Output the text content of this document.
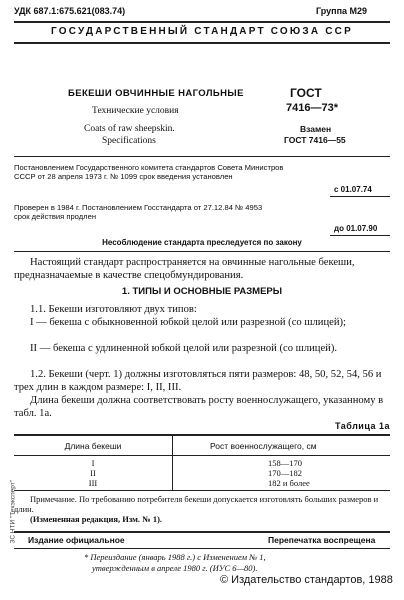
УДК 687.1:675.621(083.74)	Группа М29
ГОСУДАРСТВЕННЫЙ СТАНДАРТ СОЮЗА ССР
БЕКЕШИ ОВЧИННЫЕ НАГОЛЬНЫЕ
Технические условия
Coats of raw sheepskin.
Specifications
ГОСТ
7416—73*
Взамен
ГОСТ 7416—55
Постановлением Государственного комитета стандартов Совета Министров
СССР от 28 апреля 1973 г. № 1099 срок введения установлен
с 01.07.74
Проверен в 1984 г. Постановлением Госстандарта от 27.12.84 № 4953
срок действия продлен
до 01.07.90
Несоблюдение стандарта преследуется по закону
Настоящий стандарт распространяется на овчинные нагольные бекеши, предназначаемые в качестве спецобмундирования.
1. ТИПЫ И ОСНОВНЫЕ РАЗМЕРЫ
1.1. Бекеши изготовляют двух типов:
I — бекеша с обыкновенной юбкой целой или разрезной (со шлицей);
II — бекеша с удлиненной юбкой целой или разрезной (со шлицей).
1.2. Бекеши (черт. 1) должны изготовляться пяти размеров: 48, 50, 52, 54, 56 и трех длин в каждом размере: I, II, III.
Длина бекеши должна соответствовать росту военнослужащего, указанному в табл. 1а.
Таблица 1а
Длина бекеши	Рост военнослужащего, см
I	158—170
II	170—182
III	182 и более
Примечание. По требованию потребителя бекеши допускается изготовлять больших размеров и длин.
(Измененная редакция, Изм. № 1).
Издание официальное	Перепечатка воспрещена
* Переиздание (январь 1988 г.) с Изменением № 1,
утвержденным в апреле 1980 г. (ИУС 6—80).
© Издательство стандартов, 1988
ЗС НТИ "Техэксперт"
